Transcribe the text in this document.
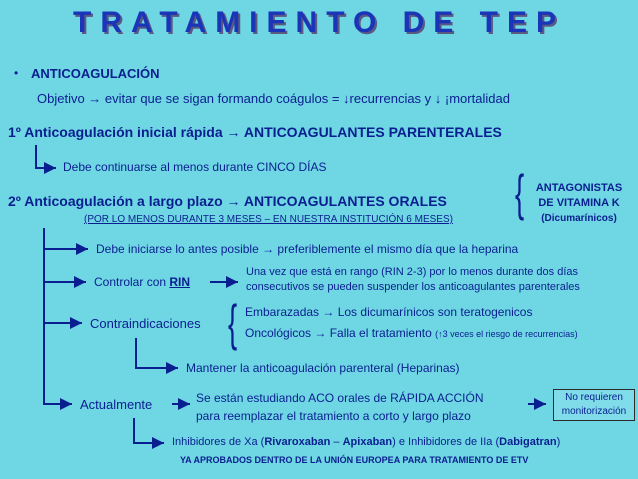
TRATAMIENTO DE TEP
• ANTICOAGULACIÓN
Objetivo → evitar que se sigan formando coágulos = ↓recurrencias y ↓ ¡mortalidad
1º Anticoagulación inicial rápida → ANTICOAGULANTES PARENTERALES
Debe continuarse al menos durante CINCO DÍAS
2º Anticoagulación a largo plazo → ANTICOAGULANTES ORALES
(POR LO MENOS DURANTE 3 MESES – EN NUESTRA INSTITUCIÓN 6 MESES) {	ANTAGONISTAS
DE VITAMINA K
(Dicumarínicos)
Debe iniciarse lo antes posible → preferiblemente el mismo día que la heparina
Controlar con RIN
Una vez que está en rango (RIN 2-3) por lo menos durante dos días
consecutivos se pueden suspender los anticoagulantes parenterales
Contraindicaciones { Embarazadas → Los dicumarínicos son teratogenicos
Oncológicos → Falla el tratamiento (↑3 veces el riesgo de recurrencias)
Mantener la anticoagulación parenteral (Heparinas)
Actualmente	Se están estudiando ACO orales de RÁPIDA ACCIÓN
para reemplazar el tratamiento a corto y largo plazo
No requieren
monitorización
Inhibidores de Xa (Rivaroxaban – Apixaban) e Inhibidores de IIa (Dabigatran)
YA APROBADOS DENTRO DE LA UNIÓN EUROPEA PARA TRATAMIENTO DE ETV
